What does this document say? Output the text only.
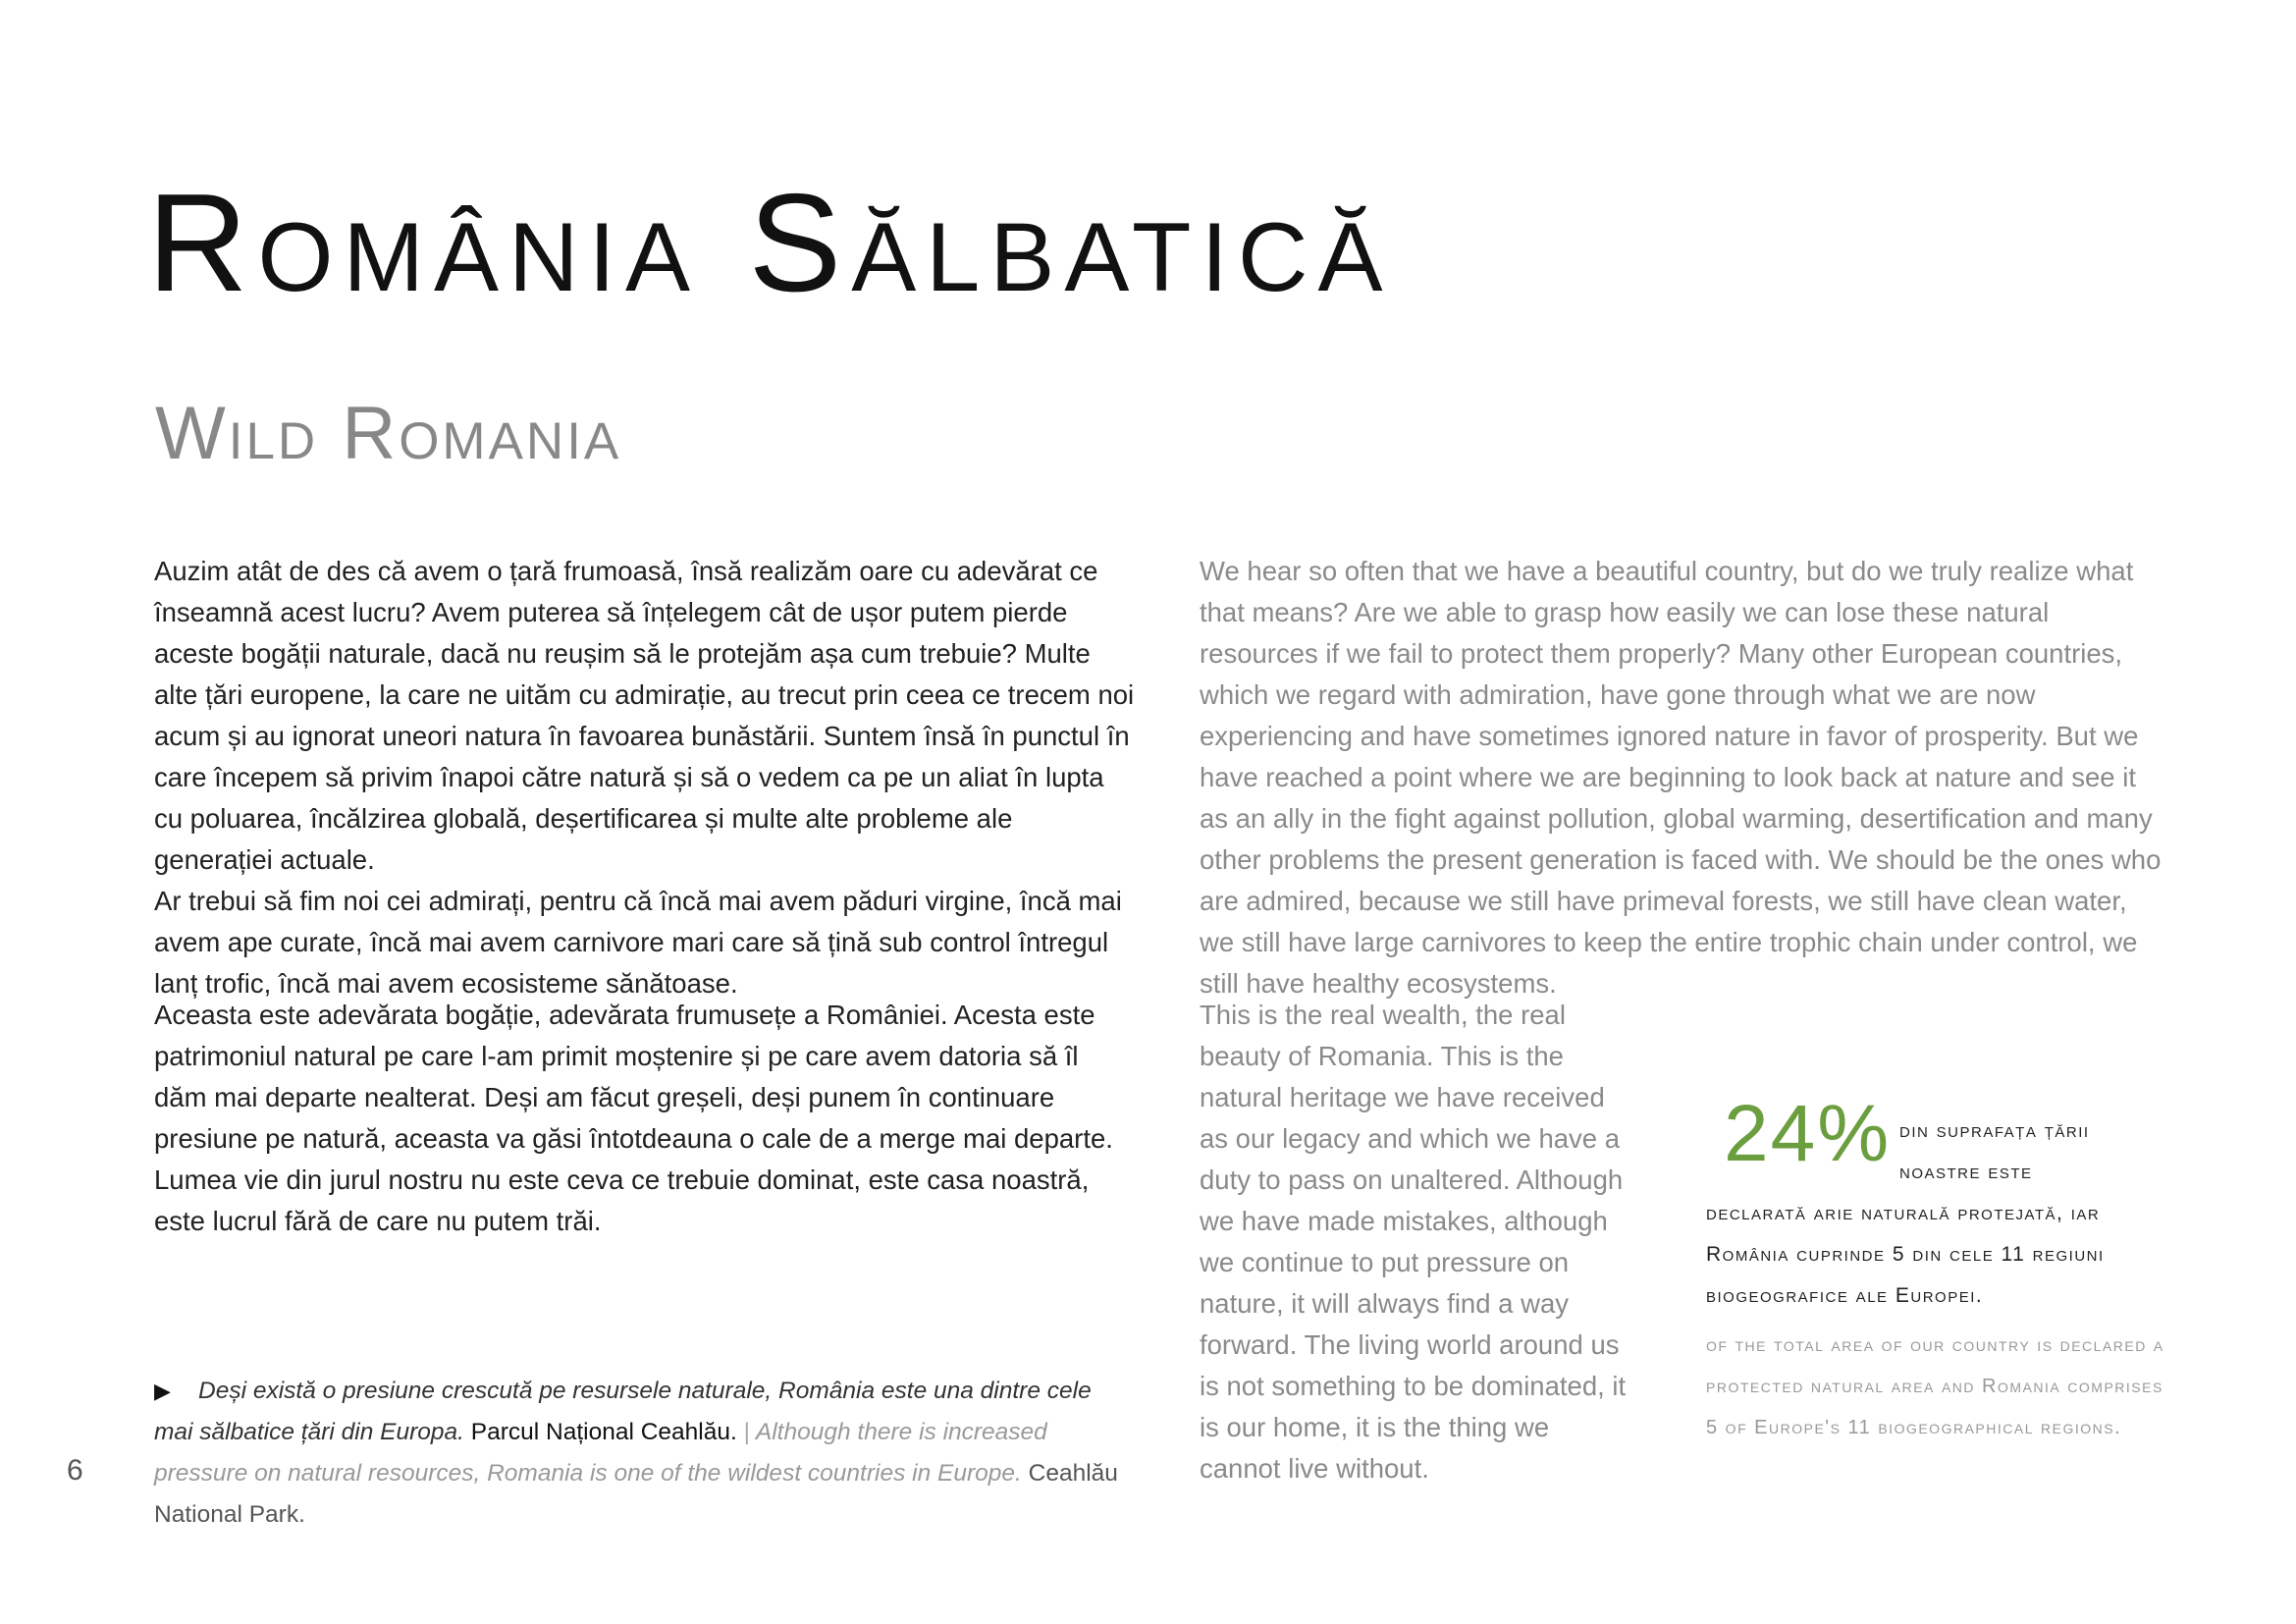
România Sălbatică
Wild Romania

Auzim atât de des că avem o țară frumoasă, însă realizăm oare cu adevărat ce înseamnă acest lucru? Avem puterea să înțelegem cât de ușor putem pierde aceste bogății naturale, dacă nu reușim să le protejăm așa cum trebuie? Multe alte țări europene, la care ne uităm cu admirație, au trecut prin ceea ce trecem noi acum și au ignorat uneori natura în favoarea bunăstării. Suntem însă în punctul în care începem să privim înapoi către natură și să o vedem ca pe un aliat în lupta cu poluarea, încălzirea globală, deșertificarea și multe alte probleme ale generației actuale.

Ar trebui să fim noi cei admirați, pentru că încă mai avem păduri virgine, încă mai avem ape curate, încă mai avem carnivore mari care să țină sub control întregul lanț trofic, încă mai avem ecosisteme sănătoase.

Aceasta este adevărata bogăție, adevărata frumusețe a României. Acesta este patrimoniul natural pe care l-am primit moștenire și pe care avem datoria să îl dăm mai departe nealterat. Deși am făcut greșeli, deși punem în continuare presiune pe natură, aceasta va găsi întotdeauna o cale de a merge mai departe. Lumea vie din jurul nostru nu este ceva ce trebuie dominat, este casa noastră, este lucrul fără de care nu putem trăi.

We hear so often that we have a beautiful country, but do we truly realize what that means? Are we able to grasp how easily we can lose these natural resources if we fail to protect them properly? Many other European countries, which we regard with admiration, have gone through what we are now experiencing and have sometimes ignored nature in favor of prosperity. But we have reached a point where we are beginning to look back at nature and see it as an ally in the fight against pollution, global warming, desertification and many other problems the present generation is faced with. We should be the ones who are admired, because we still have primeval forests, we still have clean water, we still have large carnivores to keep the entire trophic chain under control, we still have healthy ecosystems.

This is the real wealth, the real beauty of Romania. This is the natural heritage we have received as our legacy and which we have a duty to pass on unaltered. Although we have made mistakes, although we continue to put pressure on nature, it will always find a way forward. The living world around us is not something to be dominated, it is our home, it is the thing we cannot live without.

▶ Deși există o presiune crescută pe resursele naturale, România este una dintre cele mai sălbatice țări din Europa. Parcul Național Ceahlău. | Although there is increased pressure on natural resources, Romania is one of the wildest countries in Europe. Ceahlău National Park.
6
24% din suprafața țării noastre este
declarată arie naturală protejată, iar România cuprinde 5 din cele 11 regiuni biogeografice ale Europei.
of the total area of our country is declared a protected natural area and Romania comprises 5 of Europe's 11 biogeographical regions.
